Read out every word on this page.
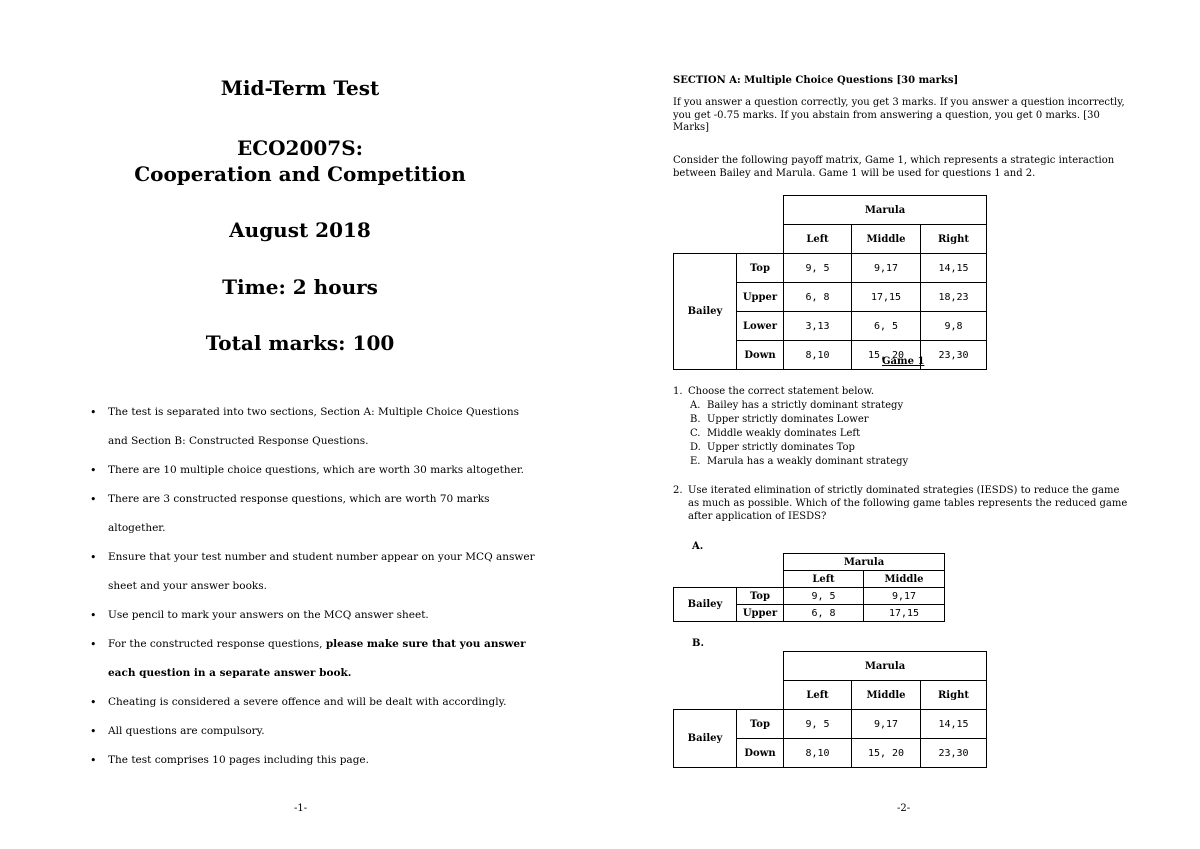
Mid-Term Test
ECO2007S:
Cooperation and Competition
August 2018
Time: 2 hours
Total marks: 100
• The test is separated into two sections, Section A: Multiple Choice Questions and Section B: Constructed Response Questions.
• There are 10 multiple choice questions, which are worth 30 marks altogether.
• There are 3 constructed response questions, which are worth 70 marks altogether.
• Ensure that your test number and student number appear on your MCQ answer sheet and your answer books.
• Use pencil to mark your answers on the MCQ answer sheet.
• For the constructed response questions, please make sure that you answer each question in a separate answer book.
• Cheating is considered a severe offence and will be dealt with accordingly.
• All questions are compulsory.
• The test comprises 10 pages including this page.
-1-
SECTION A: Multiple Choice Questions [30 marks]
If you answer a question correctly, you get 3 marks. If you answer a question incorrectly, you get -0.75 marks. If you abstain from answering a question, you get 0 marks. [30 Marks]
Consider the following payoff matrix, Game 1, which represents a strategic interaction between Bailey and Marula. Game 1 will be used for questions 1 and 2.
		Marula		
		Left	Middle	Right
Bailey	Top	9, 5	9,17	14,15
	Upper	6, 8	17,15	18,23
	Lower	3,13	6, 5	9,8
	Down	8,10	15, 20	23,30
Game 1
1. Choose the correct statement below.
A. Bailey has a strictly dominant strategy
B. Upper strictly dominates Lower
C. Middle weakly dominates Left
D. Upper strictly dominates Top
E. Marula has a weakly dominant strategy
2. Use iterated elimination of strictly dominated strategies (IESDS) to reduce the game as much as possible. Which of the following game tables represents the reduced game after application of IESDS?
A.
		Marula	
		Left	Middle
Bailey	Top	9, 5	9,17
	Upper	6, 8	17,15
B.
		Marula		
		Left	Middle	Right
Bailey	Top	9, 5	9,17	14,15
	Down	8,10	15, 20	23,30
-2-
